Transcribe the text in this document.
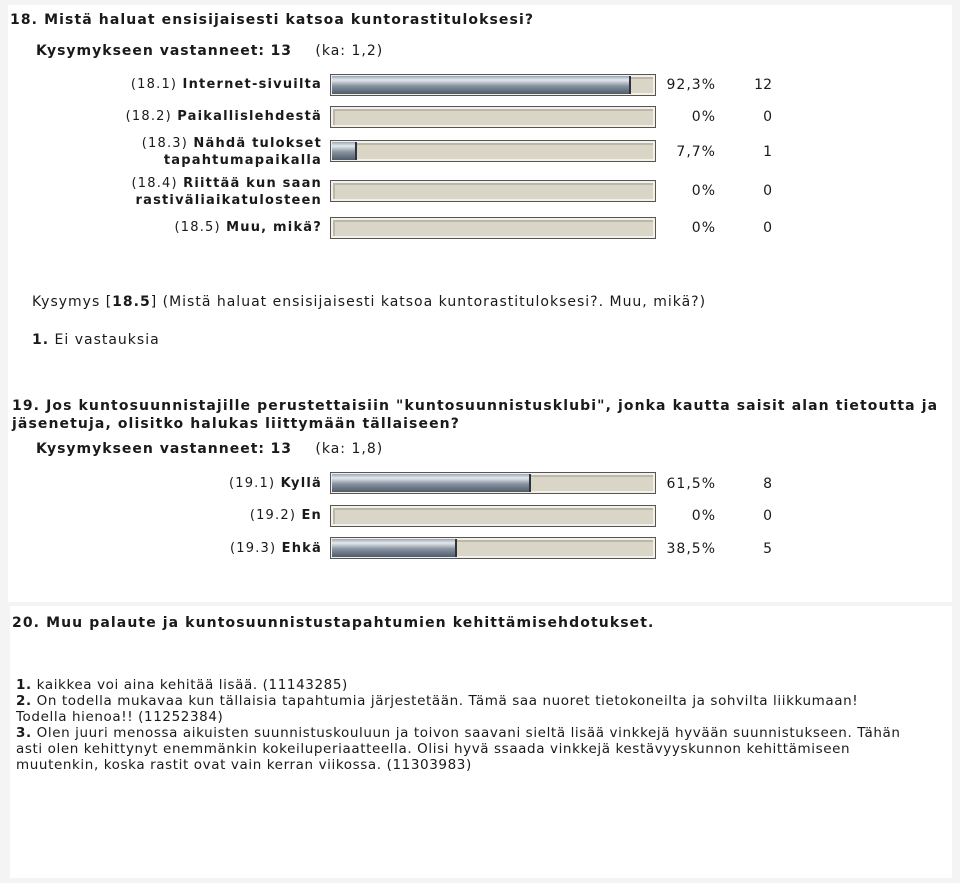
18. Mistä haluat ensisijaisesti katsoa kuntorastituloksesi?
Kysymykseen vastanneet: 13 (ka: 1,2)
(18.1) Internet-sivuilta	92,3%	12
(18.2) Paikallislehdestä	0%	0
(18.3) Nähdä tulokset
tapahtumapaikalla
7,7%	1
(18.4) Riittää kun saan
rastiväliaikatulosteen
0%	0
(18.5) Muu, mikä?	0%	0
Kysymys [18.5] (Mistä haluat ensisijaisesti katsoa kuntorastituloksesi?. Muu, mikä?)
1. Ei vastauksia
19. Jos kuntosuunnistajille perustettaisiin "kuntosuunnistusklubi", jonka kautta saisit alan tietoutta ja
jäsenetuja, olisitko halukas liittymään tällaiseen?
Kysymykseen vastanneet: 13 (ka: 1,8)
(19.1) Kyllä	61,5%	8
(19.2) En	0%	0
(19.3) Ehkä	38,5%	5
20. Muu palaute ja kuntosuunnistustapahtumien kehittämisehdotukset.
1. kaikkea voi aina kehitää lisää. (11143285)
2. On todella mukavaa kun tällaisia tapahtumia järjestetään. Tämä saa nuoret tietokoneilta ja sohvilta liikkumaan! Todella hienoa!! (11252384)
3. Olen juuri menossa aikuisten suunnistuskouluun ja toivon saavani sieltä lisää vinkkejä hyvään suunnistukseen. Tähän asti olen kehittynyt enemmänkin kokeiluperiaatteella. Olisi hyvä ssaada vinkkejä kestävyyskunnon kehittämiseen muutenkin, koska rastit ovat vain kerran viikossa. (11303983)
